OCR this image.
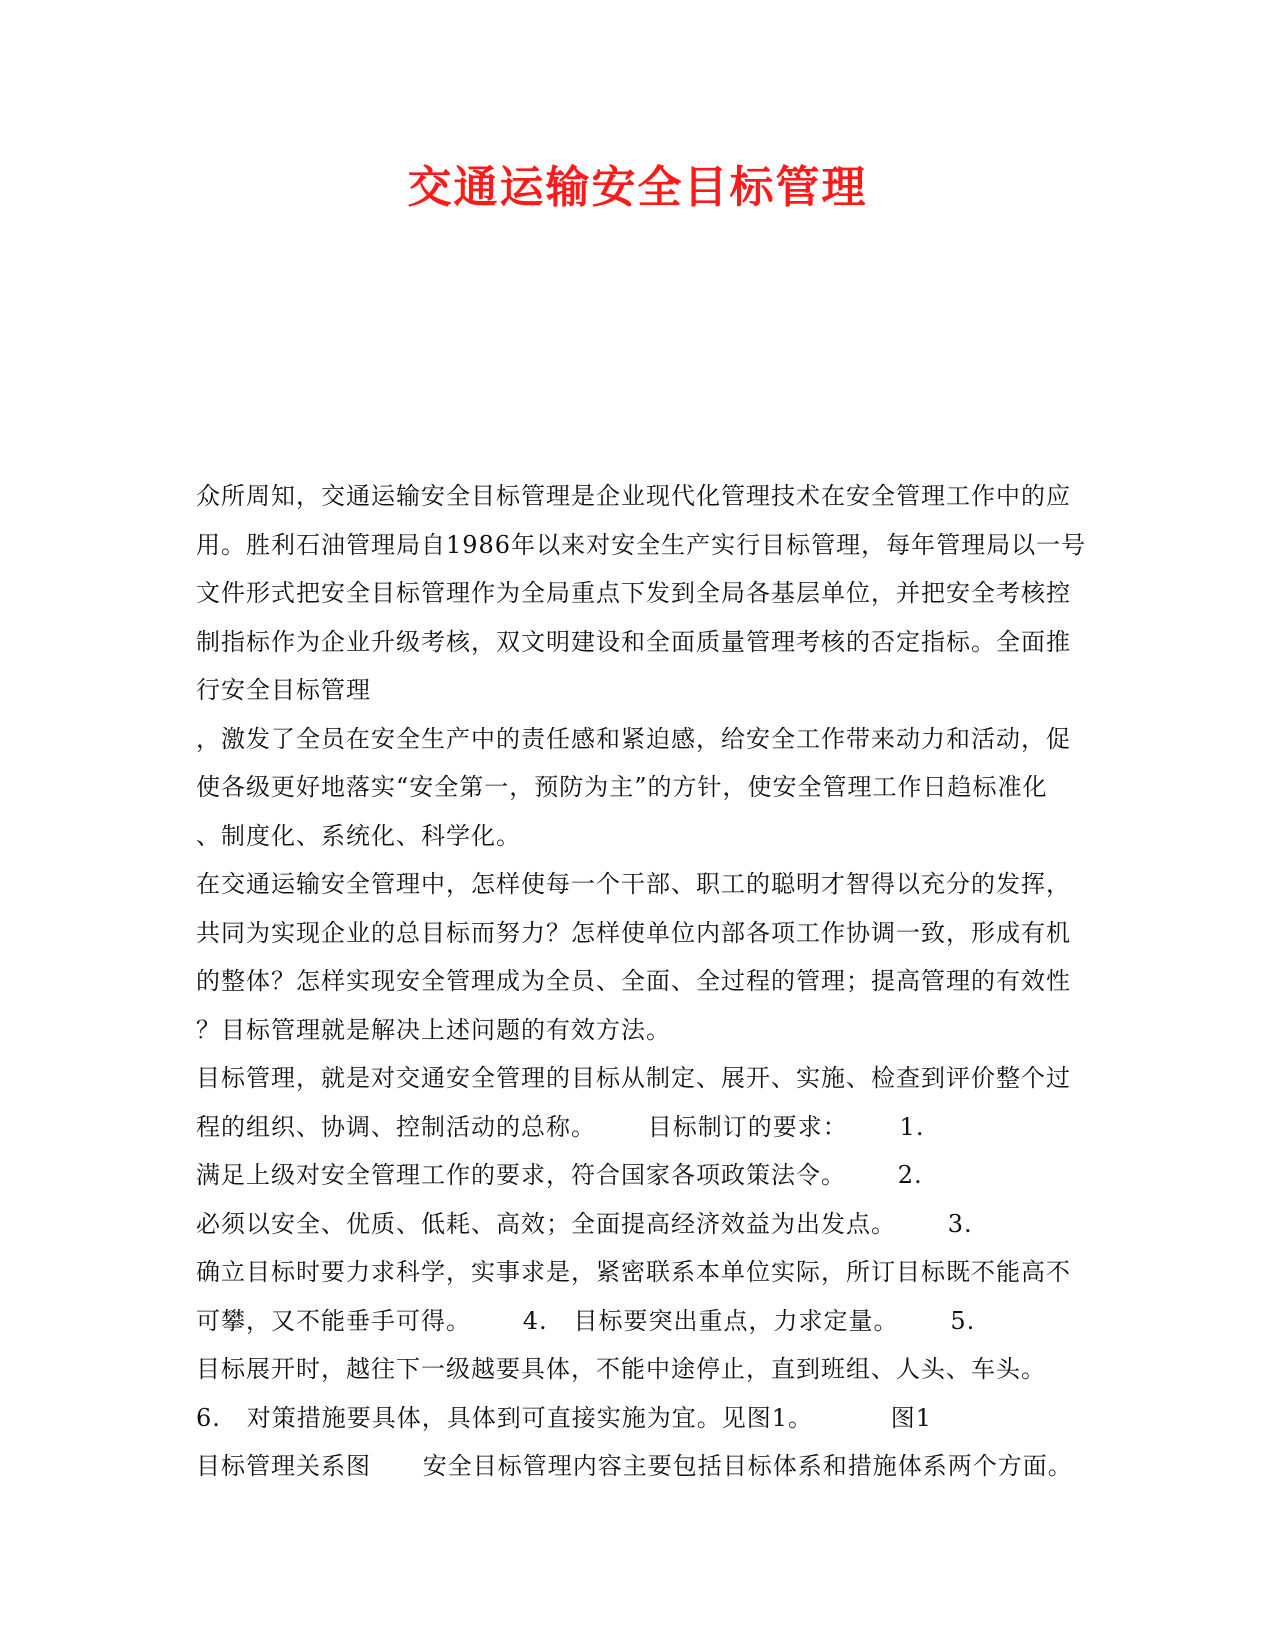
交通运输安全目标管理
众所周知，交通运输安全目标管理是企业现代化管理技术在安全管理工作中的应
用。胜利石油管理局自1986年以来对安全生产实行目标管理，每年管理局以一号
文件形式把安全目标管理作为全局重点下发到全局各基层单位，并把安全考核控
制指标作为企业升级考核，双文明建设和全面质量管理考核的否定指标。全面推
行安全目标管理
，激发了全员在安全生产中的责任感和紧迫感，给安全工作带来动力和活动，促
使各级更好地落实“安全第一，预防为主”的方针，使安全管理工作日趋标准化
、制度化、系统化、科学化。
在交通运输安全管理中，怎样使每一个干部、职工的聪明才智得以充分的发挥，
共同为实现企业的总目标而努力？怎样使单位内部各项工作协调一致，形成有机
的整体？怎样实现安全管理成为全员、全面、全过程的管理；提高管理的有效性
？目标管理就是解决上述问题的有效方法。
目标管理，就是对交通安全管理的目标从制定、展开、实施、检查到评价整个过
程的组织、协调、控制活动的总称。      目标制订的要求：      1.
满足上级对安全管理工作的要求，符合国家各项政策法令。      2.
必须以安全、优质、低耗、高效；全面提高经济效益为出发点。      3.
确立目标时要力求科学，实事求是，紧密联系本单位实际，所订目标既不能高不
可攀，又不能垂手可得。      4.   目标要突出重点，力求定量。      5.
目标展开时，越往下一级越要具体，不能中途停止，直到班组、人头、车头。
6.   对策措施要具体，具体到可直接实施为宜。见图1。         图1
目标管理关系图      安全目标管理内容主要包括目标体系和措施体系两个方面。
